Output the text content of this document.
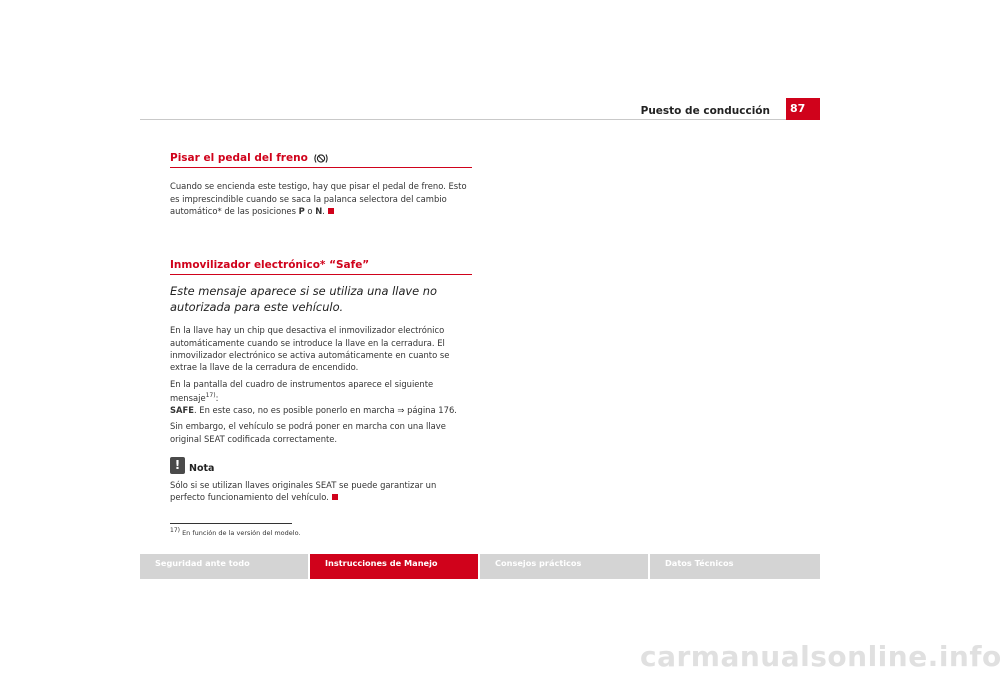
Puesto de conducción	87
Pisar el pedal del freno

Cuando se encienda este testigo, hay que pisar el pedal de freno. Esto es imprescindible cuando se saca la palanca selectora del cambio automático* de las posiciones P o N.

Inmovilizador electrónico* “Safe”
Este mensaje aparece si se utiliza una llave no autorizada para este vehículo.

En la llave hay un chip que desactiva el inmovilizador electrónico automáticamente cuando se introduce la llave en la cerradura. El inmovilizador electrónico se activa automáticamente en cuanto se extrae la llave de la cerradura de encendido.

En la pantalla del cuadro de instrumentos aparece el siguiente mensaje$^{17)}$:
SAFE. En este caso, no es posible ponerlo en marcha ⇒ página 176.

Sin embargo, el vehículo se podrá poner en marcha con una llave original SEAT codificada correctamente.

! Nota

Sólo si se utilizan llaves originales SEAT se puede garantizar un perfecto funcionamiento del vehículo.

$^{17)}$ En función de la versión del modelo.
Seguridad ante todo	Instrucciones de Manejo	Consejos prácticos	Datos Técnicos
carmanualsonline.info
